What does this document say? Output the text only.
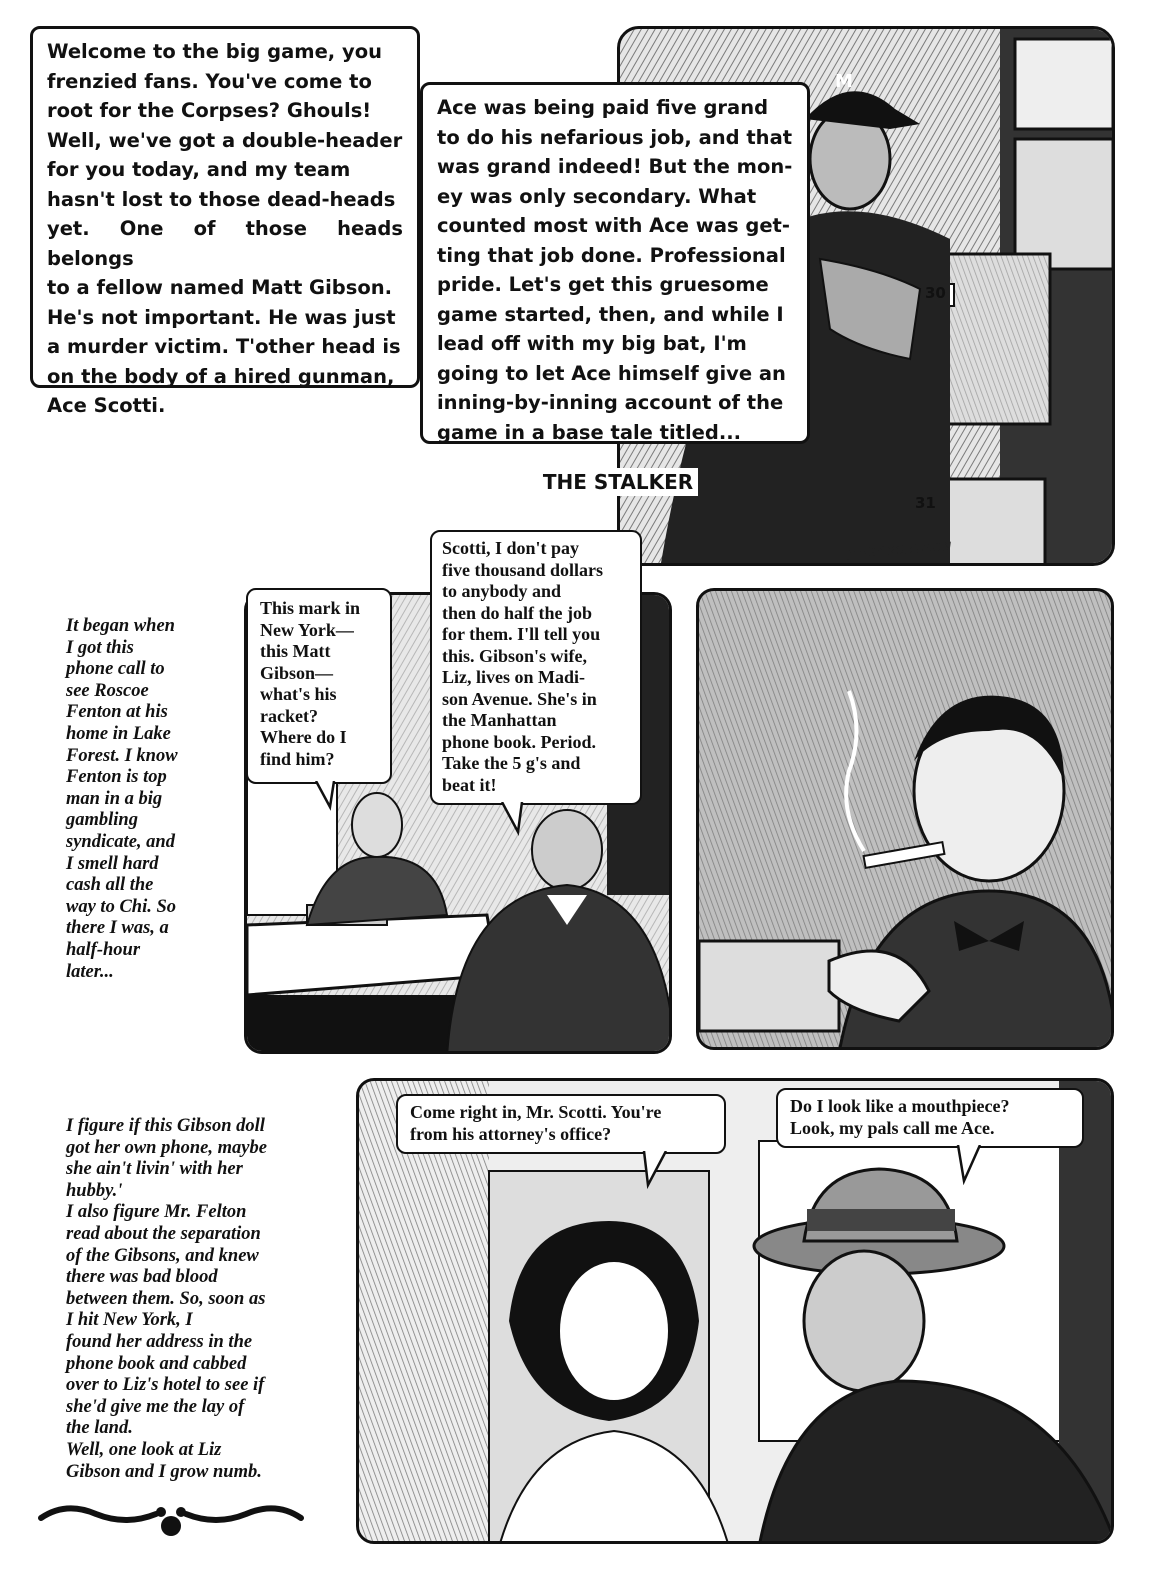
M
30
31
JERRY ROBINSON
Welcome to the big game, you
frenzied fans. You've come to
root for the Corpses? Ghouls!
Well, we've got a double-header
for you today, and my team
hasn't lost to those dead-heads
yet. One of those heads belongs
to a fellow named Matt Gibson.
He's not important. He was just
a murder victim. T'other head is
on the body of a hired gunman,
Ace Scotti.
Ace was being paid five grand
to do his nefarious job, and that
was grand indeed! But the mon-
ey was only secondary. What
counted most with Ace was get-
ting that job done. Professional
pride. Let's get this gruesome
game started, then, and while I
lead off with my big bat, I'm
going to let Ace himself give an
inning-by-inning account of the
game in a base tale titled...
THE STALKER
It began when
I got this
phone call to
see Roscoe
Fenton at his
home in Lake
Forest. I know
Fenton is top
man in a big
gambling
syndicate, and
I smell hard
cash all the
way to Chi. So
there I was, a
half-hour
later...
This mark in
New York—
this Matt
Gibson—
what's his
racket?
Where do I
find him?
Scotti, I don't pay
five thousand dollars
to anybody and
then do half the job
for them. I'll tell you
this. Gibson's wife,
Liz, lives on Madi-
son Avenue. She's in
the Manhattan
phone book. Period.
Take the 5 g's and
beat it!
I figure if this Gibson doll
got her own phone, maybe
she ain't livin' with her
hubby.'
I also figure Mr. Felton
read about the separation
of the Gibsons, and knew
there was bad blood
between them. So, soon as
I hit New York, I
found her address in the
phone book and cabbed
over to Liz's hotel to see if
she'd give me the lay of
the land.
Well, one look at Liz
Gibson and I grow numb.
Come right in, Mr. Scotti. You're
from his attorney's office?
Do I look like a mouthpiece?
Look, my pals call me Ace.
